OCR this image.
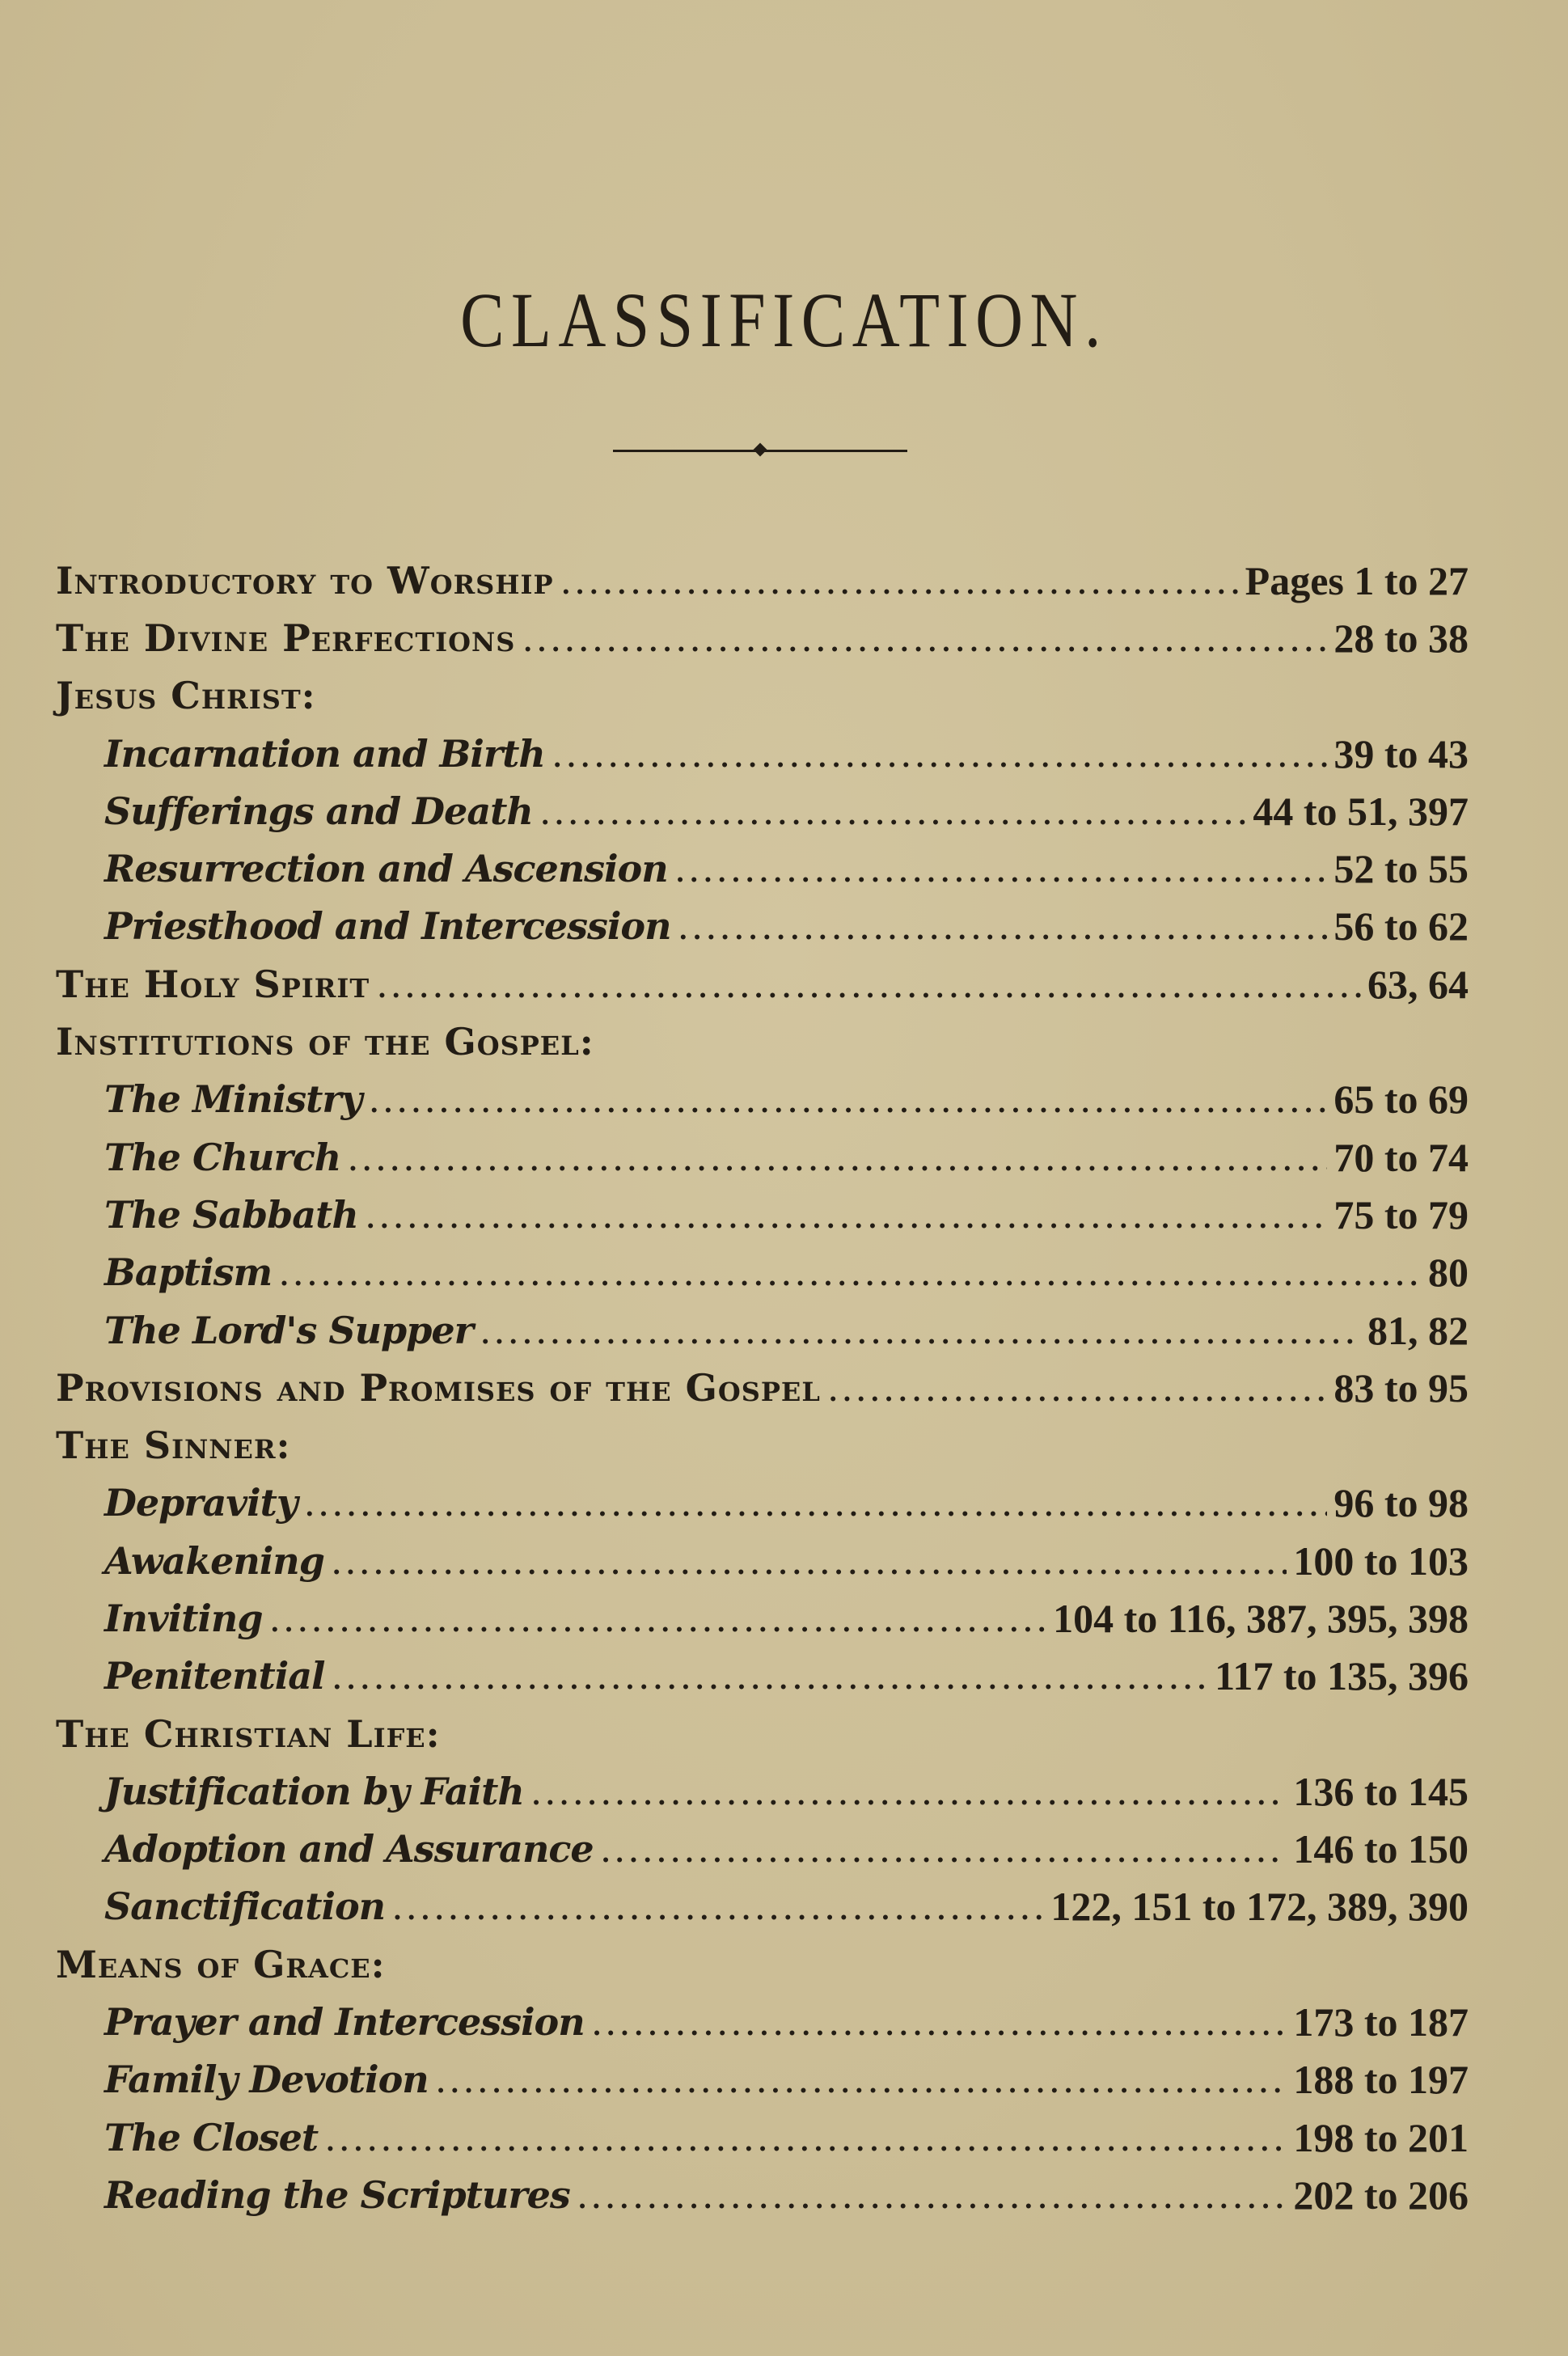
CLASSIFICATION.
Introductory to Worship . . .	Pages 1 to 27
The Divine Perfections . . .	28 to 38
Jesus Christ:
Incarnation and Birth . . .	39 to 43
Sufferings and Death . . .	44 to 51, 397
Resurrection and Ascension . . .	52 to 55
Priesthood and Intercession . . .	56 to 62
The Holy Spirit . . .	63, 64
Institutions of the Gospel:
The Ministry . . .	65 to 69
The Church . . .	70 to 74
The Sabbath . . .	75 to 79
Baptism . . .	80
The Lord's Supper . . .	81, 82
Provisions and Promises of the Gospel . . .	83 to 95
The Sinner:
Depravity . . .	96 to 98
Awakening . . .	100 to 103
Inviting . . .	104 to 116, 387, 395, 398
Penitential . . .	117 to 135, 396
The Christian Life:
Justification by Faith . . .	136 to 145
Adoption and Assurance . . .	146 to 150
Sanctification . . .	122, 151 to 172, 389, 390
Means of Grace:
Prayer and Intercession . . .	173 to 187
Family Devotion . . .	188 to 197
The Closet . . .	198 to 201
Reading the Scriptures . . .	202 to 206
